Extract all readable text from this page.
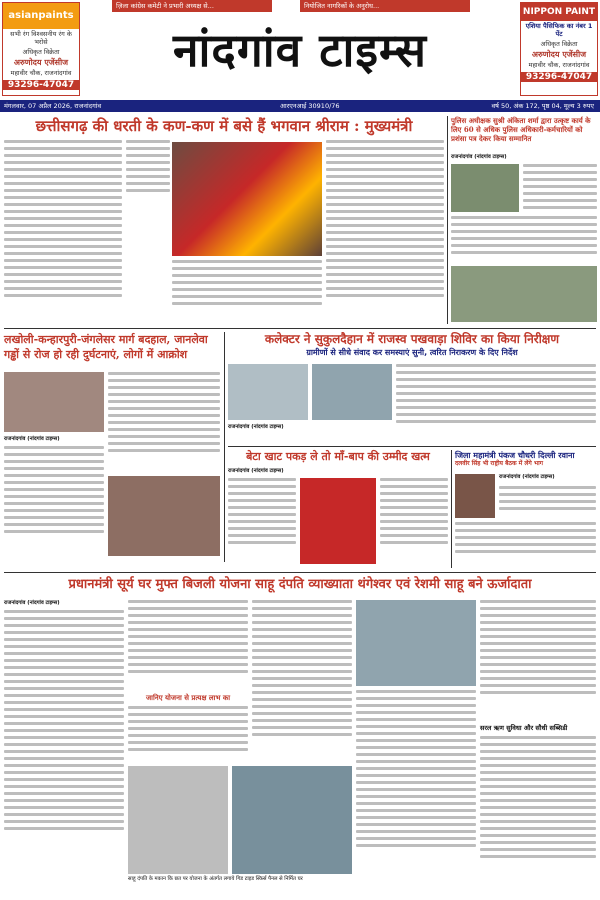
asianpaints
सभी रंग विश्वसनीय रंग के भरोसे
अधिकृत विक्रेता
अरुणोदय एजेंसीज
महावीर चौक, राजनांदगांव
93296-47047
ज़िला कांग्रेस कमेटी ने प्रभारी अध्यक्ष से...	नियोजित नागरिकों के अनुरोध...
नांदगांव टाइम्स
NIPPON PAINT
एशिया पैसिफिक का नंबर 1 पेंट
अधिकृत विक्रेता
अरुणोदय एजेंसीज
महावीर चौक, राजनांदगांव
93296-47047
मंगलवार, 07 अप्रैल 2026, राजनांदगांव	आरएनआई 30910/76	वर्ष 50, अंक 172, पृष्ठ 04, मूल्य 3 रुपए
छत्तीसगढ़ की धरती के कण-कण में बसे हैं भगवान श्रीराम : मुख्यमंत्री	पुलिस अधीक्षक सुश्री अंकिता शर्मा द्वारा उत्कृष्ट कार्य के लिए 60 से अधिक पुलिस अधिकारी-कर्मचारियों को प्रशंसा पत्र देकर किया सम्मानित
राजनांदगांव (नांदगांव टाइम्स)
लखोली-कन्हारपुरी-जंगलेसर मार्ग बदहाल, जानलेवा गड्ढों से रोज हो रही दुर्घटनाएं, लोगों में आक्रोश
राजनांदगांव (नांदगांव टाइम्स)
कलेक्टर ने सुकुलदैहान में राजस्व पखवाड़ा शिविर का किया निरीक्षण
ग्रामीणों से सीधे संवाद कर समस्याएं सुनी, त्वरित निराकरण के दिए निर्देश
राजनांदगांव (नांदगांव टाइम्स)
बेटा खाट पकड़ ले तो माँ-बाप की उम्मीद खत्म
राजनांदगांव (नांदगांव टाइम्स)
जिला महामंत्री पंकज चौधरी दिल्ली रवाना
दलवीर सिंह भी राष्ट्रीय बैठक में लेंगे भाग
राजनांदगांव (नांदगांव टाइम्स)
प्रधानमंत्री सूर्य घर मुफ्त बिजली योजना साहू दंपति व्याख्याता थंगेश्वर एवं रेशमी साहू बने ऊर्जादाता
राजनांदगांव (नांदगांव टाइम्स)
जानिए योजना से प्रत्यक्ष लाभ का
साहू दंपति के मकान कि छत पर योजना के अंतर्गत लगाये गिड टाइड स्किर्स पैनल से निर्मित घर
सरल ऋण सुविधा और सौधी सब्सिडी
